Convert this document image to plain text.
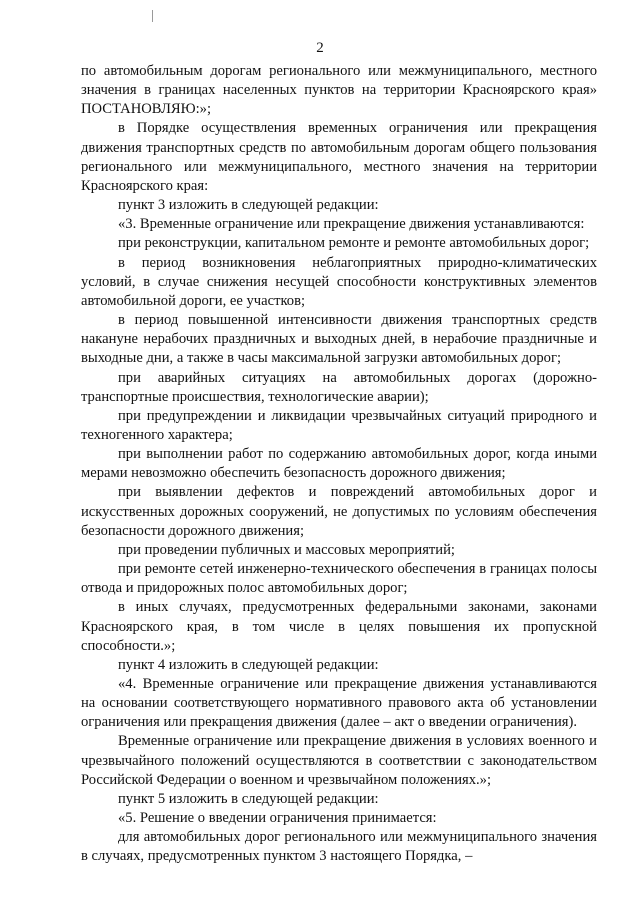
2

по автомобильным дорогам регионального или межмуниципального, местного значения в границах населенных пунктов на территории Красноярского края» ПОСТАНОВЛЯЮ:»;

в Порядке осуществления временных ограничения или прекращения движения транспортных средств по автомобильным дорогам общего пользования регионального или межмуниципального, местного значения на территории Красноярского края:

пункт 3 изложить в следующей редакции:

«3. Временные ограничение или прекращение движения устанавливаются:

при реконструкции, капитальном ремонте и ремонте автомобильных дорог;

в период возникновения неблагоприятных природно-климатических условий, в случае снижения несущей способности конструктивных элементов автомобильной дороги, ее участков;

в период повышенной интенсивности движения транспортных средств накануне нерабочих праздничных и выходных дней, в нерабочие праздничные и выходные дни, а также в часы максимальной загрузки автомобильных дорог;

при аварийных ситуациях на автомобильных дорогах (дорожно-транспортные происшествия, технологические аварии);

при предупреждении и ликвидации чрезвычайных ситуаций природного и техногенного характера;

при выполнении работ по содержанию автомобильных дорог, когда иными мерами невозможно обеспечить безопасность дорожного движения;

при выявлении дефектов и повреждений автомобильных дорог и искусственных дорожных сооружений, не допустимых по условиям обеспечения безопасности дорожного движения;

при проведении публичных и массовых мероприятий;

при ремонте сетей инженерно-технического обеспечения в границах полосы отвода и придорожных полос автомобильных дорог;

в иных случаях, предусмотренных федеральными законами, законами Красноярского края, в том числе в целях повышения их пропускной способности.»;

пункт 4 изложить в следующей редакции:

«4. Временные ограничение или прекращение движения устанавливаются на основании соответствующего нормативного правового акта об установлении ограничения или прекращения движения (далее – акт о введении ограничения).

Временные ограничение или прекращение движения в условиях военного и чрезвычайного положений осуществляются в соответствии с законодательством Российской Федерации о военном и чрезвычайном положениях.»;

пункт 5 изложить в следующей редакции:

«5. Решение о введении ограничения принимается:

для автомобильных дорог регионального или межмуниципального значения в случаях, предусмотренных пунктом 3 настоящего Порядка, –
